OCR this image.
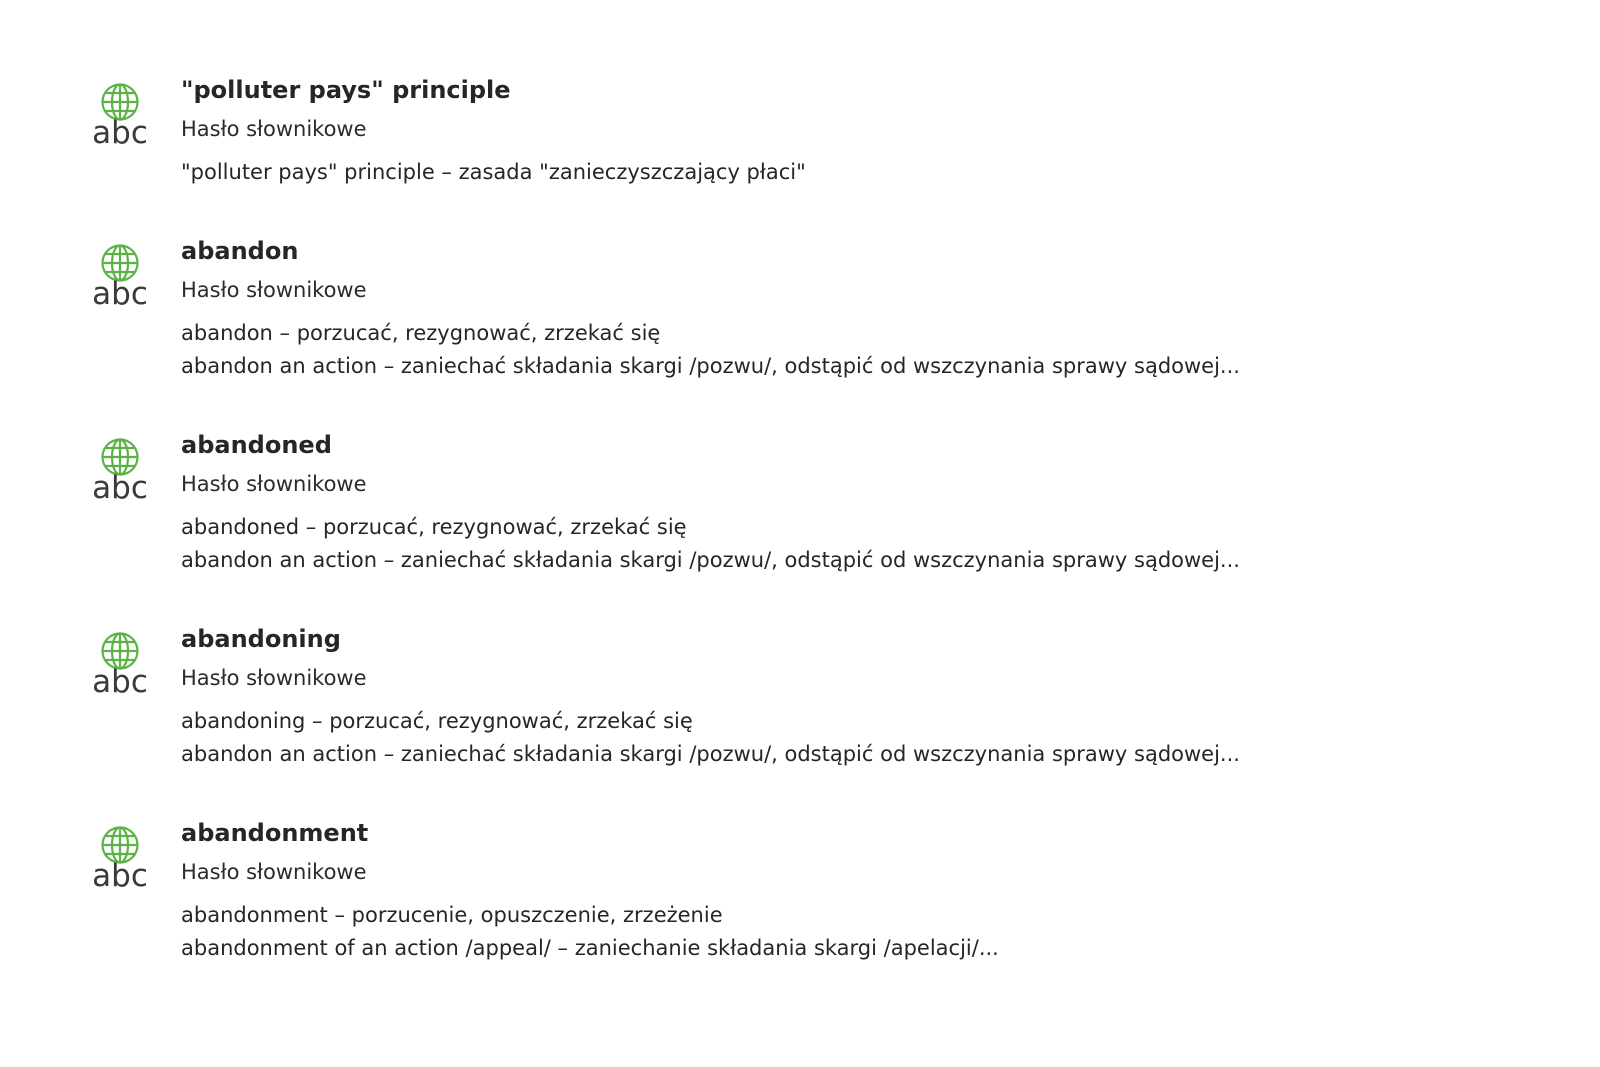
abc
"polluter pays" principle
Hasło słownikowe
"polluter pays" principle – zasada "zanieczyszczający płaci"
abc
abandon
Hasło słownikowe
abandon – porzucać, rezygnować, zrzekać się
abandon an action – zaniechać składania skargi /pozwu/, odstąpić od wszczynania sprawy sądowej...
abc
abandoned
Hasło słownikowe
abandoned – porzucać, rezygnować, zrzekać się
abandon an action – zaniechać składania skargi /pozwu/, odstąpić od wszczynania sprawy sądowej...
abc
abandoning
Hasło słownikowe
abandoning – porzucać, rezygnować, zrzekać się
abandon an action – zaniechać składania skargi /pozwu/, odstąpić od wszczynania sprawy sądowej...
abc
abandonment
Hasło słownikowe
abandonment – porzucenie, opuszczenie, zrzeżenie
abandonment of an action /appeal/ – zaniechanie składania skargi /apelacji/...
